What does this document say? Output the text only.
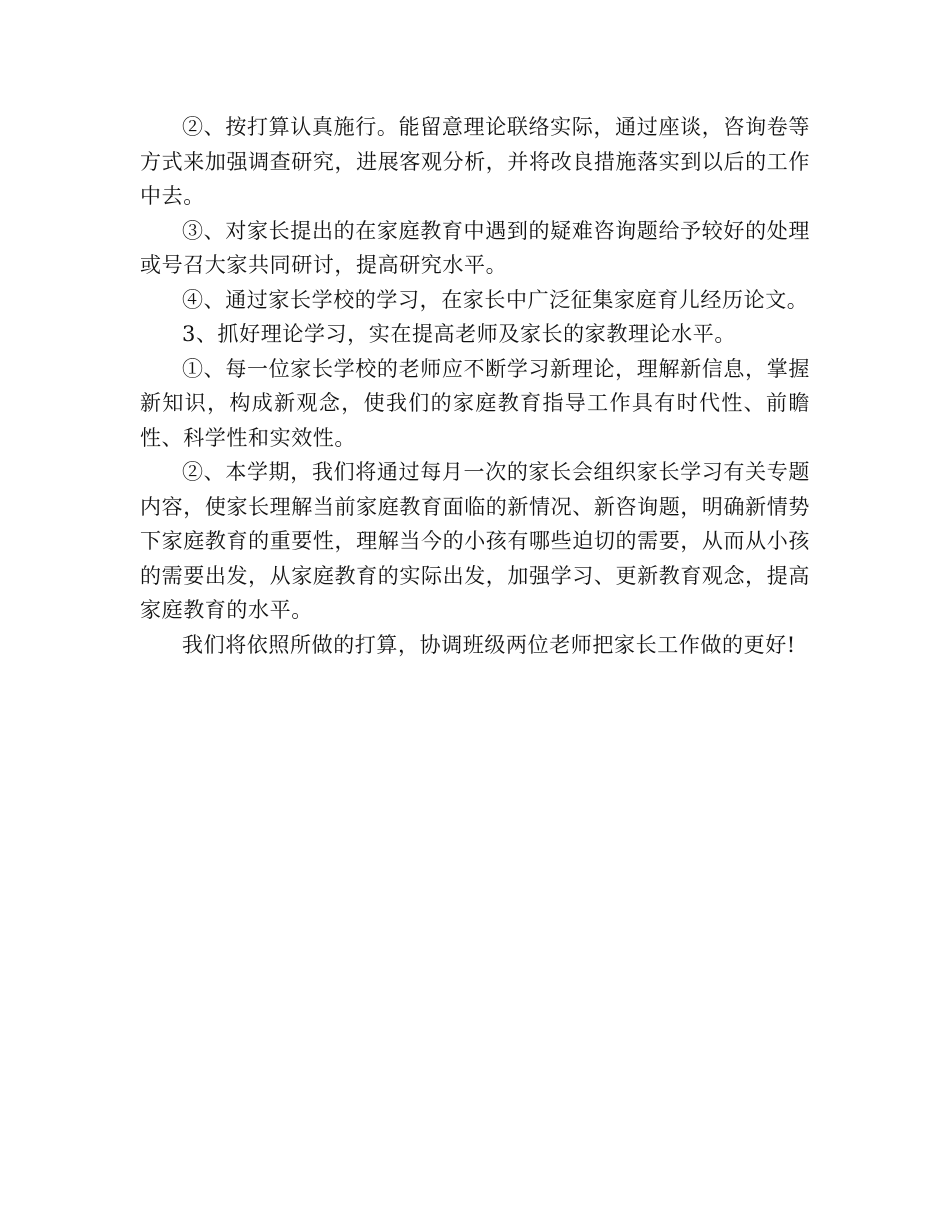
②、按打算认真施行。能留意理论联络实际，通过座谈，咨询卷等方式来加强调查研究，进展客观分析，并将改良措施落实到以后的工作中去。

③、对家长提出的在家庭教育中遇到的疑难咨询题给予较好的处理或号召大家共同研讨，提高研究水平。

④、通过家长学校的学习，在家长中广泛征集家庭育儿经历论文。

3、抓好理论学习，实在提高老师及家长的家教理论水平。

①、每一位家长学校的老师应不断学习新理论，理解新信息，掌握新知识，构成新观念，使我们的家庭教育指导工作具有时代性、前瞻性、科学性和实效性。

②、本学期，我们将通过每月一次的家长会组织家长学习有关专题内容，使家长理解当前家庭教育面临的新情况、新咨询题，明确新情势下家庭教育的重要性，理解当今的小孩有哪些迫切的需要，从而从小孩的需要出发，从家庭教育的实际出发，加强学习、更新教育观念，提高家庭教育的水平。

我们将依照所做的打算，协调班级两位老师把家长工作做的更好!
